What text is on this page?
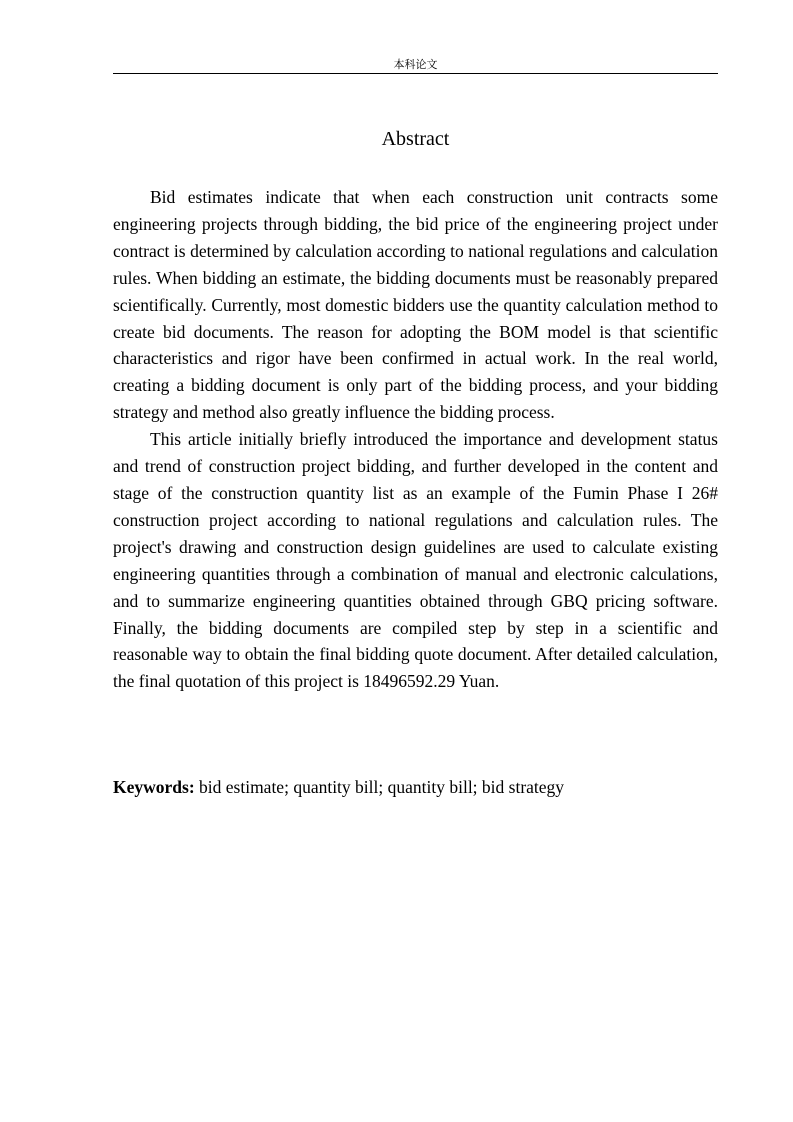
本科论文
Abstract

Bid estimates indicate that when each construction unit contracts some engineering projects through bidding, the bid price of the engineering project under contract is determined by calculation according to national regulations and calculation rules. When bidding an estimate, the bidding documents must be reasonably prepared scientifically. Currently, most domestic bidders use the quantity calculation method to create bid documents. The reason for adopting the BOM model is that scientific characteristics and rigor have been confirmed in actual work. In the real world, creating a bidding document is only part of the bidding process, and your bidding strategy and method also greatly influence the bidding process.

This article initially briefly introduced the importance and development status and trend of construction project bidding, and further developed in the content and stage of the construction quantity list as an example of the Fumin Phase I 26# construction project according to national regulations and calculation rules. The project's drawing and construction design guidelines are used to calculate existing engineering quantities through a combination of manual and electronic calculations, and to summarize engineering quantities obtained through GBQ pricing software. Finally, the bidding documents are compiled step by step in a scientific and reasonable way to obtain the final bidding quote document. After detailed calculation, the final quotation of this project is 18496592.29 Yuan.

Keywords: bid estimate; quantity bill; quantity bill; bid strategy
